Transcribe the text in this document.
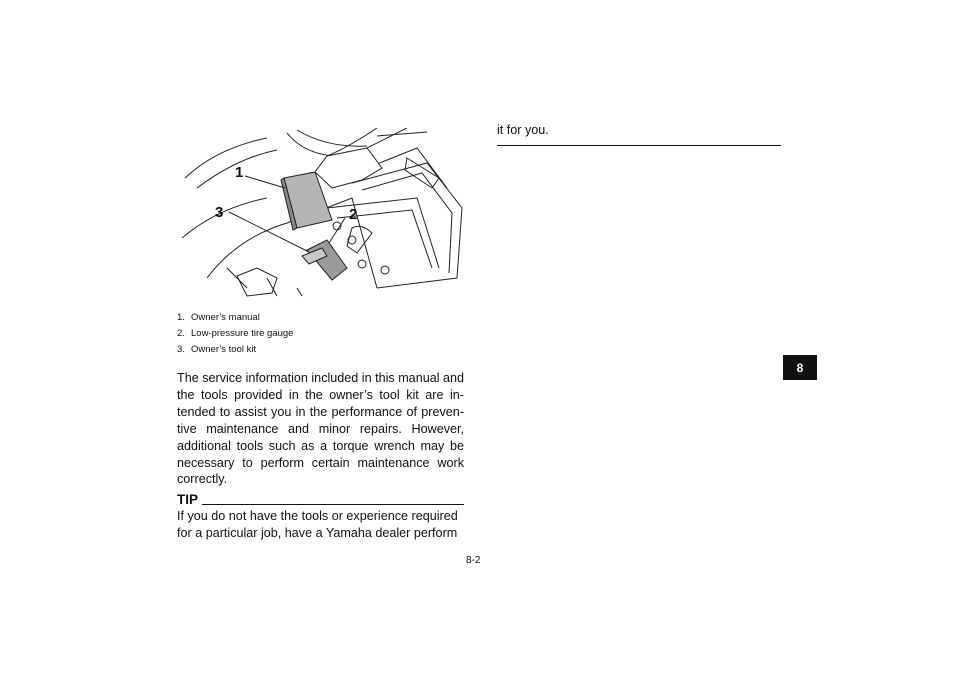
1
2
3
1. Owner’s manual
2. Low-pressure tire gauge
3. Owner’s tool kit

The service information included in this manual and the tools provided in the owner’s tool kit are in-tended to assist you in the performance of preven-tive maintenance and minor repairs. However, additional tools such as a torque wrench may be necessary to perform certain maintenance work correctly.

TIP

If you do not have the tools or experience required for a particular job, have a Yamaha dealer perform

8-2
it for you.
8
